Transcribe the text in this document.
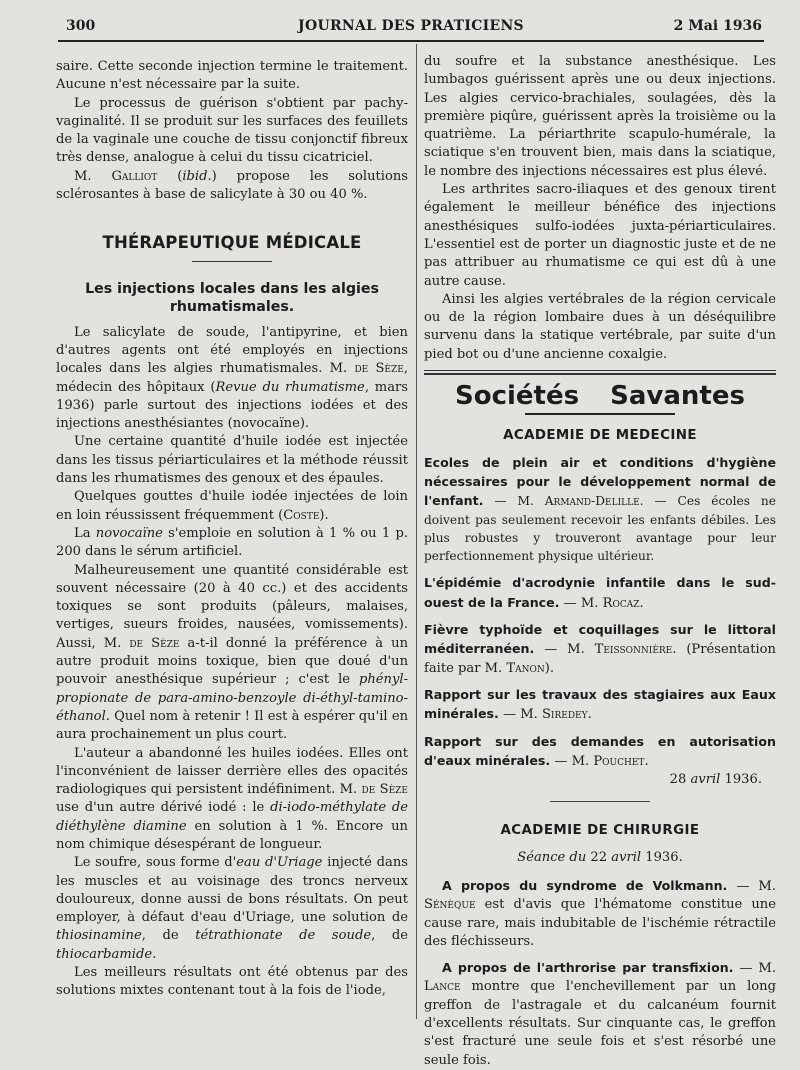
300	JOURNAL DES PRATICIENS	2 Mai 1936

saire. Cette seconde injection termine le traitement. Aucune n'est nécessaire par la suite.

Le processus de guérison s'obtient par pachy-vaginalité. Il se produit sur les surfaces des feuillets de la vaginale une couche de tissu conjonctif fibreux très dense, analogue à celui du tissu cicatriciel.

M. Galliot (ibid.) propose les solutions sclérosantes à base de salicylate à 30 ou 40 %.

THÉRAPEUTIQUE MÉDICALE
Les injections locales dans les algies rhumatismales.

Le salicylate de soude, l'antipyrine, et bien d'autres agents ont été employés en injections locales dans les algies rhumatismales. M. de Sèze, médecin des hôpitaux (Revue du rhumatisme, mars 1936) parle surtout des injections iodées et des injections anesthésiantes (novocaïne).

Une certaine quantité d'huile iodée est injectée dans les tissus périarticulaires et la méthode réussit dans les rhumatismes des genoux et des épaules.

Quelques gouttes d'huile iodée injectées de loin en loin réussissent fréquemment (Coste).

La novocaïne s'emploie en solution à 1 % ou 1 p. 200 dans le sérum artificiel.

Malheureusement une quantité considérable est souvent nécessaire (20 à 40 cc.) et des accidents toxiques se sont produits (pâleurs, malaises, vertiges, sueurs froides, nausées, vomissements). Aussi, M. de Sèze a-t-il donné la préférence à un autre produit moins toxique, bien que doué d'un pouvoir anesthésique supérieur ; c'est le phényl-propionate de para-amino-benzoyle di-éthyl-tamino-éthanol. Quel nom à retenir ! Il est à espérer qu'il en aura prochainement un plus court.

L'auteur a abandonné les huiles iodées. Elles ont l'inconvénient de laisser derrière elles des opacités radiologiques qui persistent indéfiniment. M. de Sèze use d'un autre dérivé iodé : le di-iodo-méthylate de diéthylène diamine en solution à 1 %. Encore un nom chimique désespérant de longueur.

Le soufre, sous forme d'eau d'Uriage injecté dans les muscles et au voisinage des troncs nerveux douloureux, donne aussi de bons résultats. On peut employer, à défaut d'eau d'Uriage, une solution de thiosinamine, de tétrathionate de soude, de thiocarbamide.

Les meilleurs résultats ont été obtenus par des solutions mixtes contenant tout à la fois de l'iode,

du soufre et la substance anesthésique. Les lumbagos guérissent après une ou deux injections. Les algies cervico-brachiales, soulagées, dès la première piqûre, guérissent après la troisième ou la quatrième. La périarthrite scapulo-humérale, la sciatique s'en trouvent bien, mais dans la sciatique, le nombre des injections nécessaires est plus élevé.

Les arthrites sacro-iliaques et des genoux tirent également le meilleur bénéfice des injections anesthésiques sulfo-iodées juxta-périarticulaires. L'essentiel est de porter un diagnostic juste et de ne pas attribuer au rhumatisme ce qui est dû à une autre cause.

Ainsi les algies vertébrales de la région cervicale ou de la région lombaire dues à un déséquilibre survenu dans la statique vertébrale, par suite d'un pied bot ou d'une ancienne coxalgie.

Sociétés Savantes
ACADEMIE DE MEDECINE

Ecoles de plein air et conditions d'hygiène nécessaires pour le développement normal de l'enfant. — M. Armand-Delille. — Ces écoles ne doivent pas seulement recevoir les enfants débiles. Les plus robustes y trouveront avantage pour leur perfectionnement physique ultérieur.

L'épidémie d'acrodynie infantile dans le sud-ouest de la France. — M. Rocaz.

Fièvre typhoïde et coquillages sur le littoral méditerranéen. — M. Teissonnière. (Présentation faite par M. Tanon).

Rapport sur les travaux des stagiaires aux Eaux minérales. — M. Siredey.

Rapport sur des demandes en autorisation d'eaux minérales. — M. Pouchet.

28 avril 1936.

ACADEMIE DE CHIRURGIE

Séance du 22 avril 1936.

A propos du syndrome de Volkmann. — M. Sénèque est d'avis que l'hématome constitue une cause rare, mais indubitable de l'ischémie rétractile des fléchisseurs.

A propos de l'arthrorise par transfixion. — M. Lance montre que l'enchevillement par un long greffon de l'astragale et du calcanéum fournit d'excellents résultats. Sur cinquante cas, le greffon s'est fracturé une seule fois et s'est résorbé une seule fois.
